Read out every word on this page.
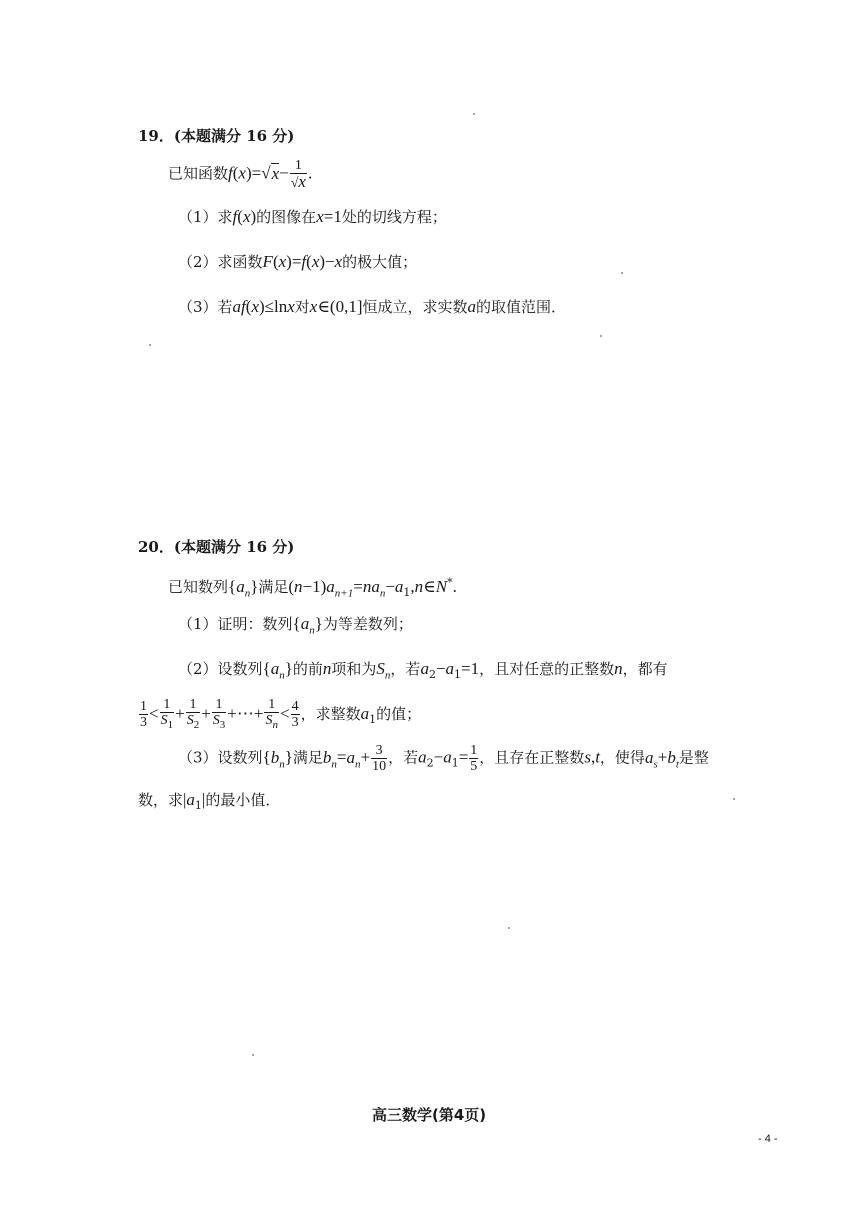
19．(本题满分 16 分)
已知函数$f(x)=√x- \frac{1}{√x}$ .
（1）求f(x)的图像在x=1处的切线方程；
（2）求函数F(x)=f(x)−x的极大值；
（3）若af(x)≤lnx对x∈(0,1]恒成立，求实数a的取值范围．
20．(本题满分 16 分)
已知数列$\{a_n\}$满足$(n-1)a_{n+1}=na_n-a_1,n\in N^*$.
（1）证明：数列$\{a_n\}$为等差数列；
（2）设数列$\{a_n\}$的前n项和为$S_n$，若$a_2-a_1=1$，且对任意的正整数n，都有
$\frac{1}{3} < \frac{1}{S_1} + \frac{1}{S_2} + \frac{1}{S_3}$ +⋯+ $\frac{1}{S_n} < \frac{4}{3}$ ，求整数$a_1$的值；
（3）设数列$\{b_n\}$满足$b_n=a_n+ \frac{3}{10}$ ，若$a_2-a_1= \frac{1}{5}$ ，且存在正整数s,t，使得$a_s+b_t$是整
数，求$|a_1|$的最小值．
高三数学(第4页)
- 4 -
